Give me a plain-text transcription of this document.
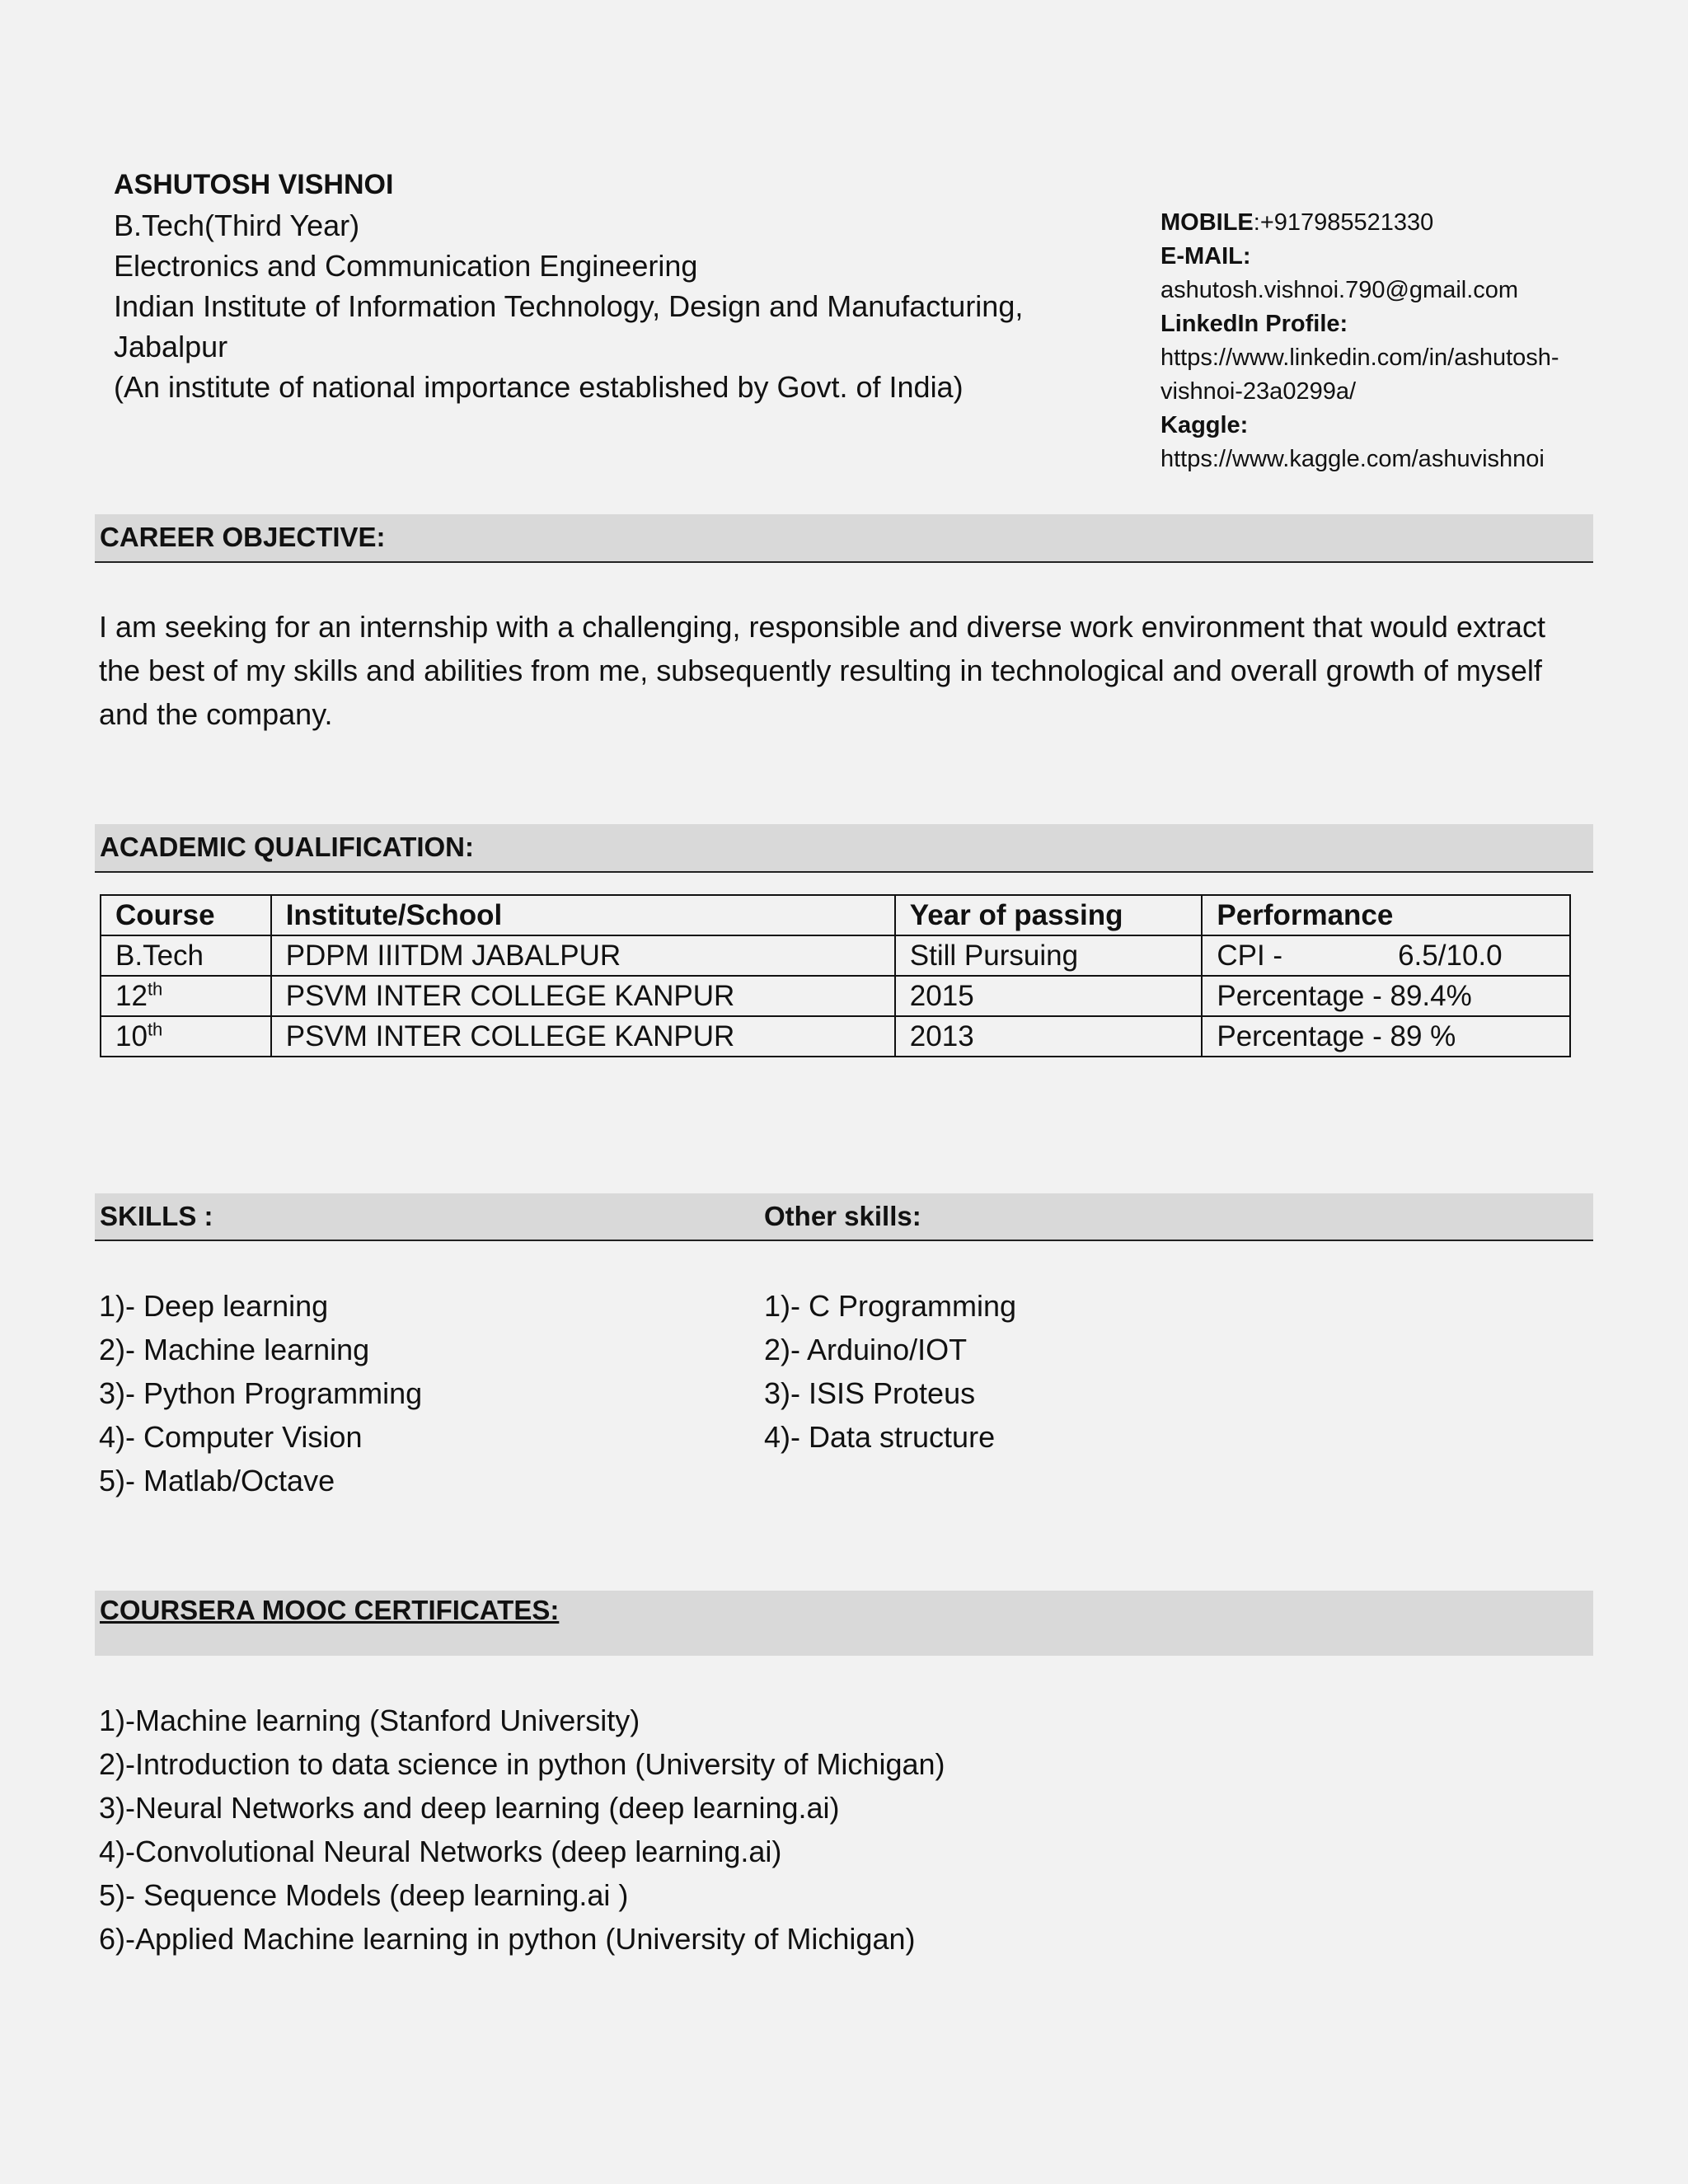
ASHUTOSH VISHNOI
B.Tech(Third Year)
Electronics and Communication Engineering
Indian Institute of Information Technology, Design and Manufacturing,
Jabalpur
(An institute of national importance established by Govt. of India)
MOBILE:+917985521330
E-MAIL:
ashutosh.vishnoi.790@gmail.com
LinkedIn Profile:
https://www.linkedin.com/in/ashutosh-
vishnoi-23a0299a/
Kaggle:
https://www.kaggle.com/ashuvishnoi
CAREER OBJECTIVE:
I am seeking for an internship with a challenging, responsible and diverse work environment that would extract the best of my skills and abilities from me, subsequently resulting in technological and overall growth of myself and the company.
ACADEMIC QUALIFICATION:
Course	Institute/School	Year of passing	Performance
B.Tech	PDPM IIITDM JABALPUR	Still Pursuing	CPI - 6.5/10.0
12th	PSVM INTER COLLEGE KANPUR	2015	Percentage - 89.4%
10th	PSVM INTER COLLEGE KANPUR	2013	Percentage - 89 %
SKILLS :	Other skills:
1)- Deep learning
2)- Machine learning
3)- Python Programming
4)- Computer Vision
5)- Matlab/Octave
1)- C Programming
2)- Arduino/IOT
3)- ISIS Proteus
4)- Data structure
COURSERA MOOC CERTIFICATES:
1)-Machine learning (Stanford University)
2)-Introduction to data science in python (University of Michigan)
3)-Neural Networks and deep learning (deep learning.ai)
4)-Convolutional Neural Networks (deep learning.ai)
5)- Sequence Models (deep learning.ai )
6)-Applied Machine learning in python (University of Michigan)
